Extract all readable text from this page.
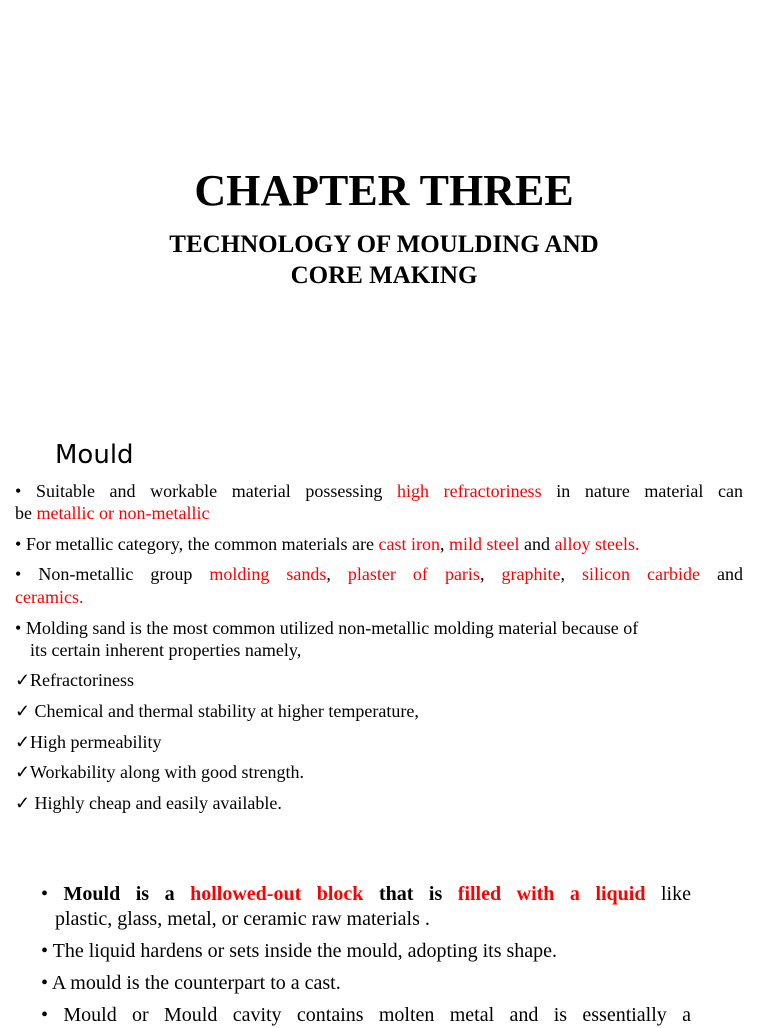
CHAPTER THREE
TECHNOLOGY OF MOULDING AND
CORE MAKING
Mould
• Suitable and workable material possessing high refractoriness in nature material can
be metallic or non-metallic
• For metallic category, the common materials are cast iron, mild steel and alloy steels.
• Non-metallic group molding sands, plaster of paris, graphite, silicon carbide and
ceramics.
• Molding sand is the most common utilized non-metallic molding material because of
its certain inherent properties namely,
✓Refractoriness
✓ Chemical and thermal stability at higher temperature,
✓High permeability
✓Workability along with good strength.
✓ Highly cheap and easily available.
• Mould is a hollowed-out block that is filled with a liquid like
plastic, glass, metal, or ceramic raw materials .
• The liquid hardens or sets inside the mould, adopting its shape.
• A mould is the counterpart to a cast.
• Mould or Mould cavity contains molten metal and is essentially a
